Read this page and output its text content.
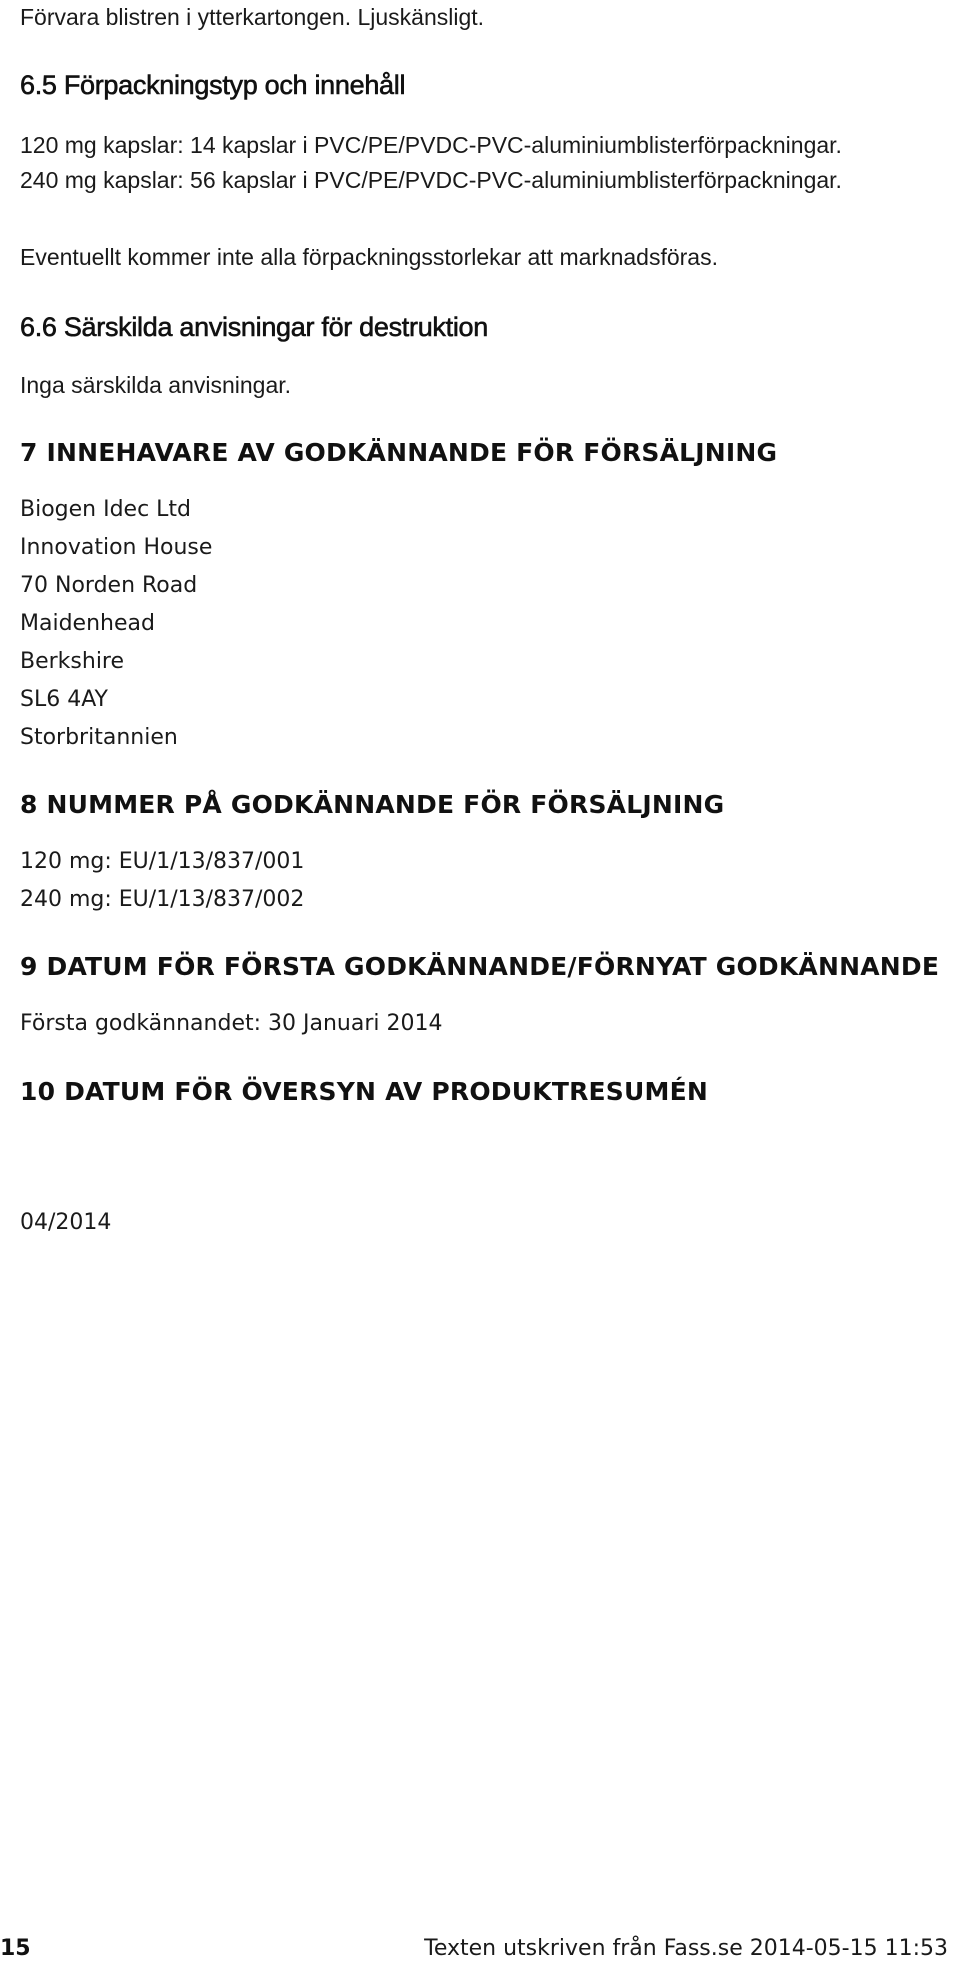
Förvara blistren i ytterkartongen. Ljuskänsligt.
6.5 Förpackningstyp och innehåll
120 mg kapslar: 14 kapslar i PVC/PE/PVDC-PVC-aluminiumblisterförpackningar.
240 mg kapslar: 56 kapslar i PVC/PE/PVDC-PVC-aluminiumblisterförpackningar.
Eventuellt kommer inte alla förpackningsstorlekar att marknadsföras.
6.6 Särskilda anvisningar för destruktion
Inga särskilda anvisningar.
7 INNEHAVARE AV GODKÄNNANDE FÖR FÖRSÄLJNING
Biogen Idec Ltd
Innovation House
70 Norden Road
Maidenhead
Berkshire
SL6 4AY
Storbritannien
8 NUMMER PÅ GODKÄNNANDE FÖR FÖRSÄLJNING
120 mg: EU/1/13/837/001
240 mg: EU/1/13/837/002
9 DATUM FÖR FÖRSTA GODKÄNNANDE/FÖRNYAT GODKÄNNANDE
Första godkännandet: 30 Januari 2014
10 DATUM FÖR ÖVERSYN AV PRODUKTRESUMÉN
04/2014
15	Texten utskriven från Fass.se 2014-05-15 11:53
